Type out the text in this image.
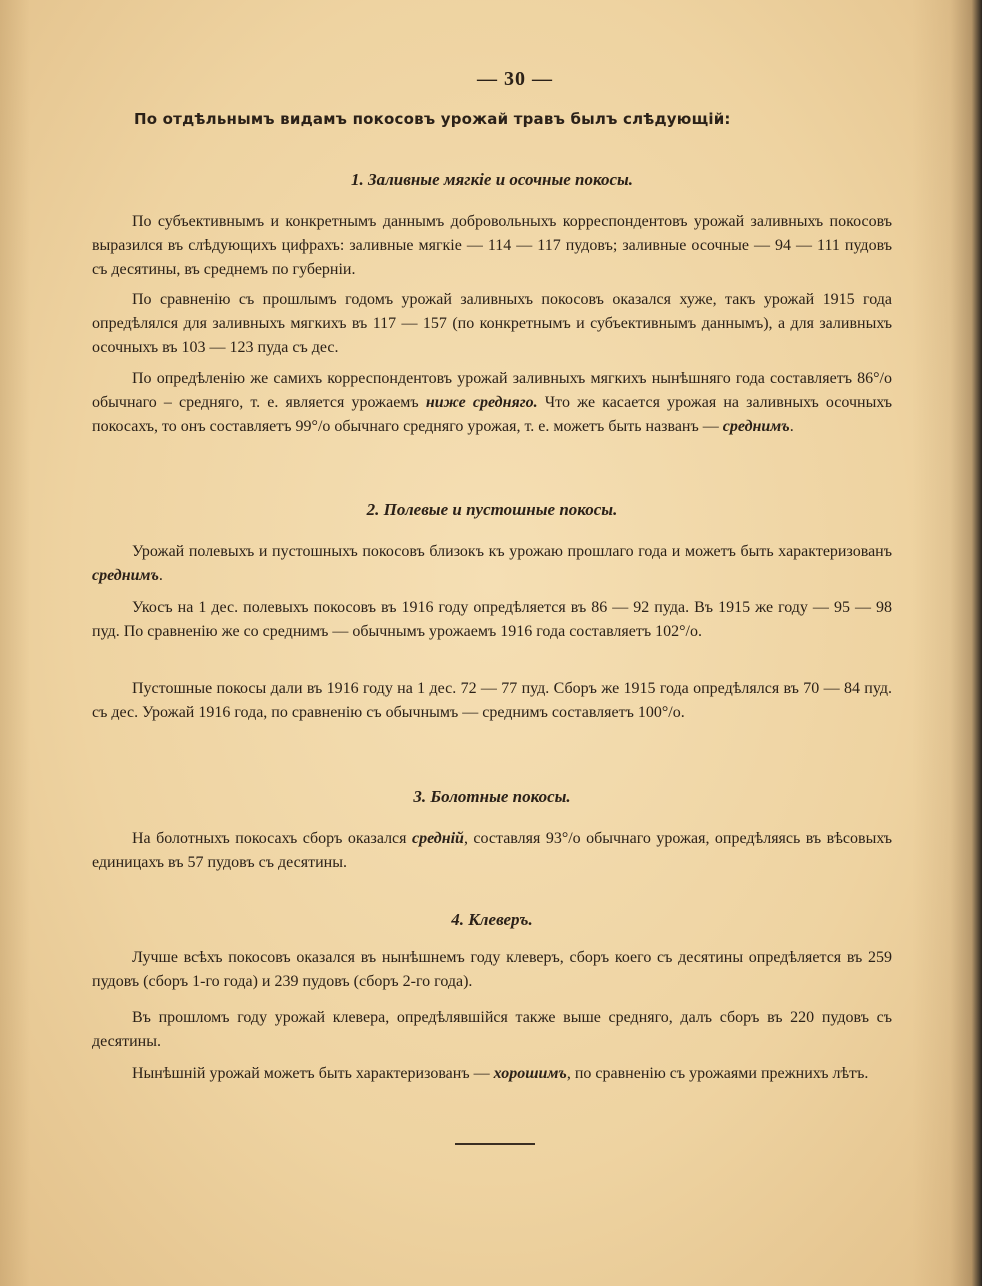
— 30 —
По отдѣльнымъ видамъ покосовъ урожай травъ былъ слѣдующій:
1. Заливные мягкіе и осочные покосы.
По субъективнымъ и конкретнымъ даннымъ добровольныхъ корреспондентовъ урожай заливныхъ покосовъ выразился въ слѣдующихъ цифрахъ: заливные мягкіе — 114 — 117 пудовъ; заливные осочные — 94 — 111 пудовъ съ десятины, въ среднемъ по губерніи.
По сравненію съ прошлымъ годомъ урожай заливныхъ покосовъ оказался хуже, такъ урожай 1915 года опредѣлялся для заливныхъ мягкихъ въ 117 — 157 (по конкретнымъ и субъективнымъ даннымъ), а для заливныхъ осочныхъ въ 103 — 123 пуда съ дес.
По опредѣленію же самихъ корреспондентовъ урожай заливныхъ мягкихъ нынѣшняго года составляетъ 86°/о обычнаго – средняго, т. е. является урожаемъ ниже средняго. Что же касается урожая на заливныхъ осочныхъ покосахъ, то онъ составляетъ 99°/о обычнаго средняго урожая, т. е. можетъ быть названъ — среднимъ.
2. Полевые и пустошные покосы.
Урожай полевыхъ и пустошныхъ покосовъ близокъ къ урожаю прошлаго года и можетъ быть характеризованъ среднимъ.
Укосъ на 1 дес. полевыхъ покосовъ въ 1916 году опредѣляется въ 86 — 92 пуда. Въ 1915 же году — 95 — 98 пуд. По сравненію же со среднимъ — обычнымъ урожаемъ 1916 года составляетъ 102°/о.
Пустошные покосы дали въ 1916 году на 1 дес. 72 — 77 пуд. Сборъ же 1915 года опредѣлялся въ 70 — 84 пуд. съ дес. Урожай 1916 года, по сравненію съ обычнымъ — среднимъ составляетъ 100°/о.
3. Болотные покосы.
На болотныхъ покосахъ сборъ оказался средній, составляя 93°/о обычнаго урожая, опредѣляясь въ вѣсовыхъ единицахъ въ 57 пудовъ съ десятины.
4. Клеверъ.
Лучше всѣхъ покосовъ оказался въ нынѣшнемъ году клеверъ, сборъ коего съ десятины опредѣляется въ 259 пудовъ (сборъ 1-го года) и 239 пудовъ (сборъ 2-го года).
Въ прошломъ году урожай клевера, опредѣлявшійся также выше средняго, далъ сборъ въ 220 пудовъ съ десятины.
Нынѣшній урожай можетъ быть характеризованъ — хорошимъ, по сравненію съ урожаями прежнихъ лѣтъ.
